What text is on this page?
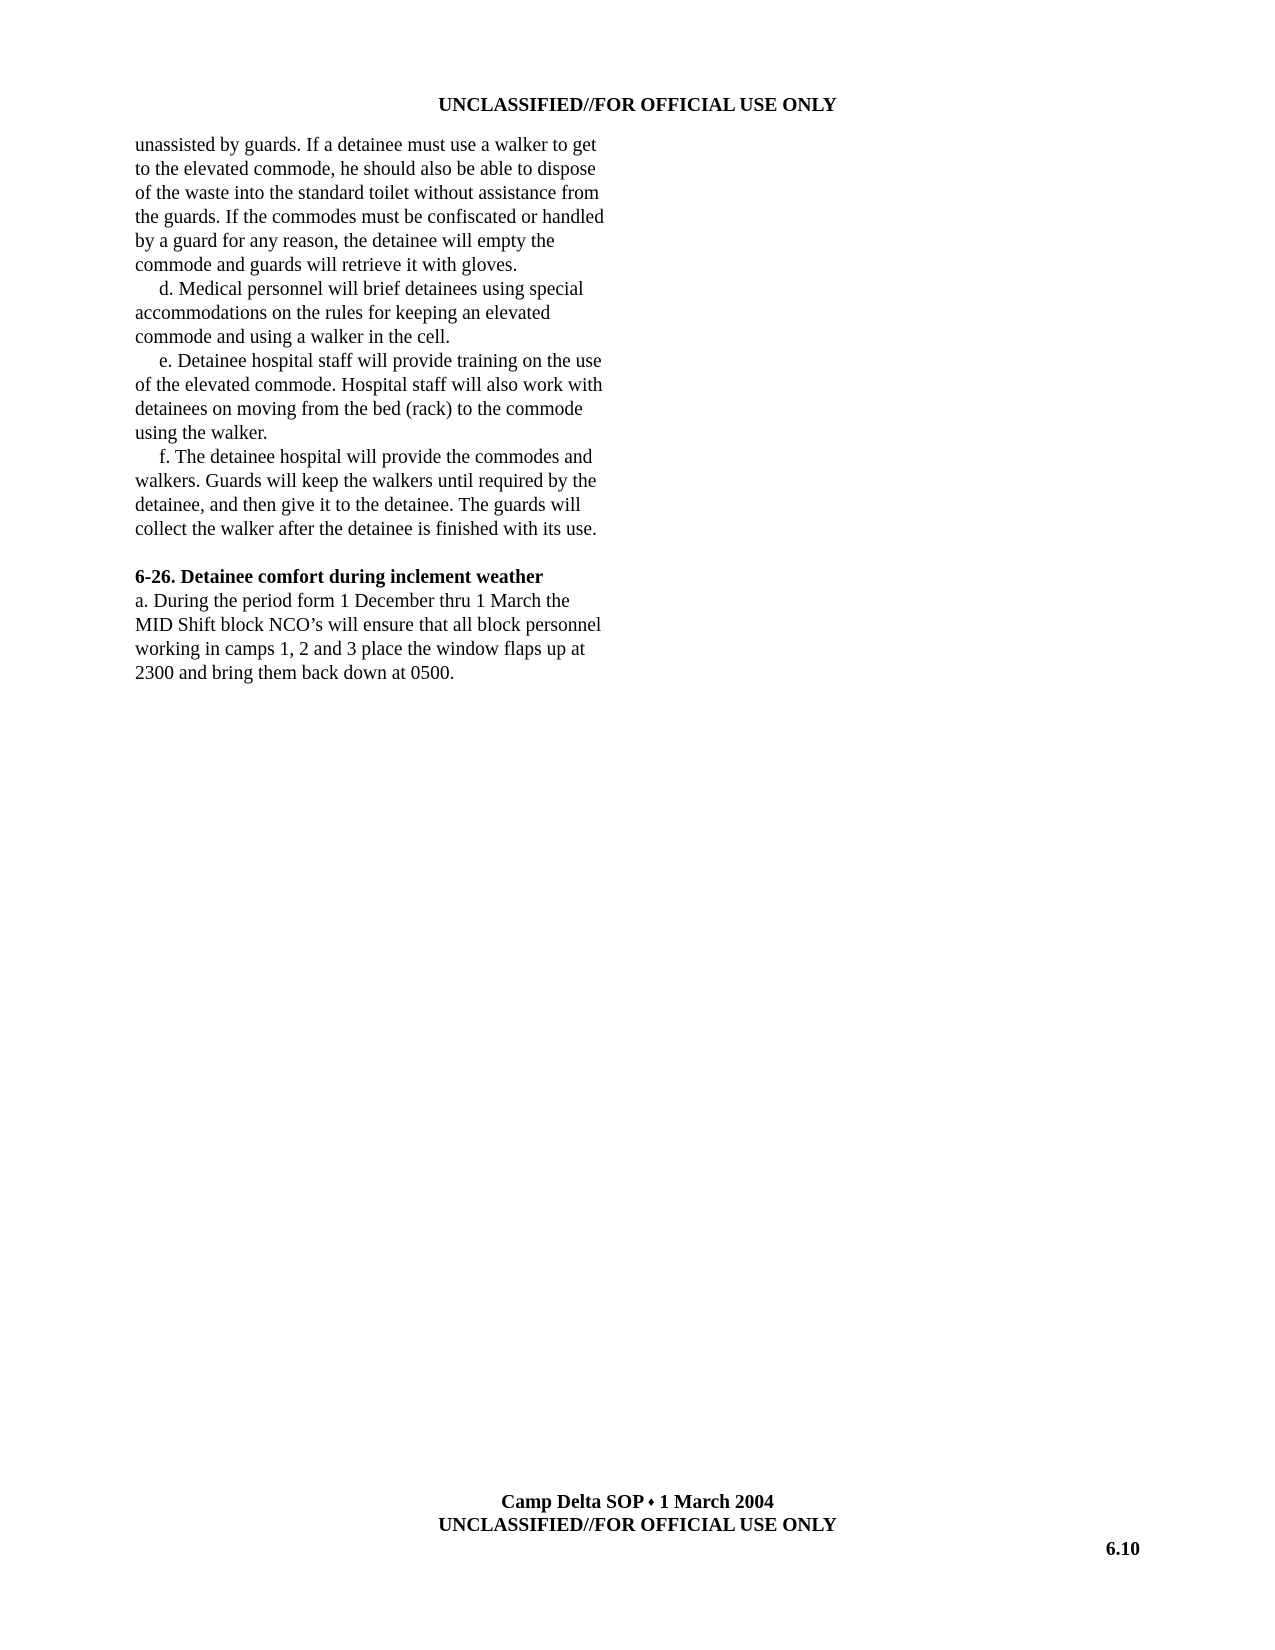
UNCLASSIFIED//FOR OFFICIAL USE ONLY

unassisted by guards. If a detainee must use a walker to get to the elevated commode, he should also be able to dispose of the waste into the standard toilet without assistance from the guards. If the commodes must be confiscated or handled by a guard for any reason, the detainee will empty the commode and guards will retrieve it with gloves.

d. Medical personnel will brief detainees using special accommodations on the rules for keeping an elevated commode and using a walker in the cell.

e. Detainee hospital staff will provide training on the use of the elevated commode. Hospital staff will also work with detainees on moving from the bed (rack) to the commode using the walker.

f. The detainee hospital will provide the commodes and walkers. Guards will keep the walkers until required by the detainee, and then give it to the detainee. The guards will collect the walker after the detainee is finished with its use.

6-26. Detainee comfort during inclement weather

a. During the period form 1 December thru 1 March the MID Shift block NCO’s will ensure that all block personnel working in camps 1, 2 and 3 place the window flaps up at 2300 and bring them back down at 0500.

Camp Delta SOP ♦ 1 March 2004

UNCLASSIFIED//FOR OFFICIAL USE ONLY

6.10
